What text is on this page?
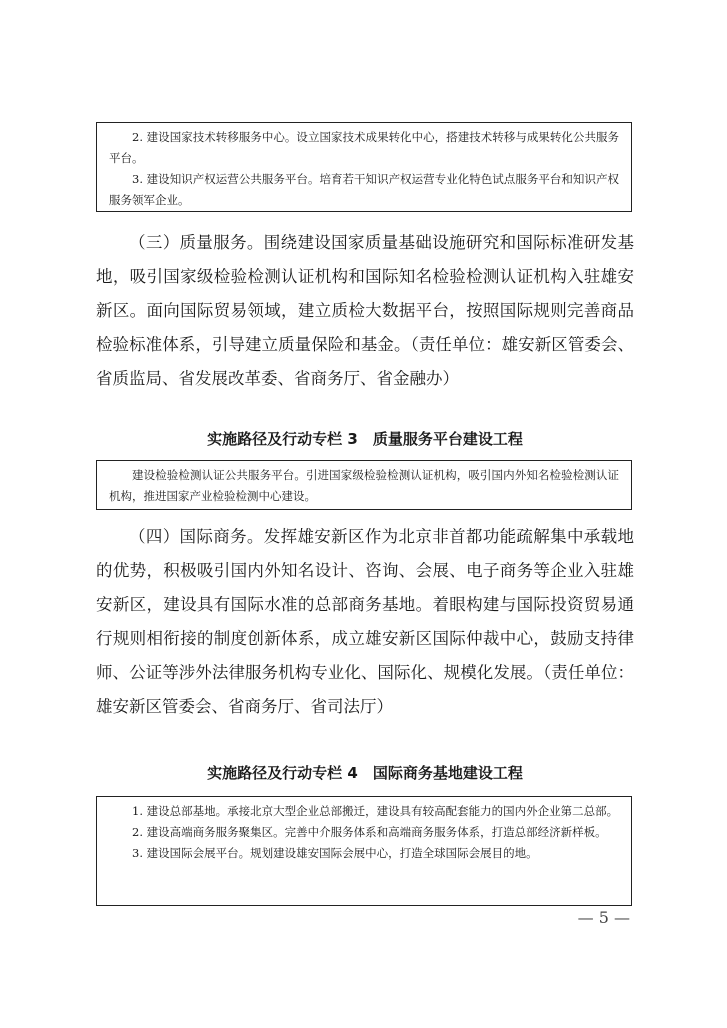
2. 建设国家技术转移服务中心。设立国家技术成果转化中心，搭建技术转移与成果转化公共服务平台。

3. 建设知识产权运营公共服务平台。培育若干知识产权运营专业化特色试点服务平台和知识产权服务领军企业。

（三）质量服务。围绕建设国家质量基础设施研究和国际标准研发基地，吸引国家级检验检测认证机构和国际知名检验检测认证机构入驻雄安新区。面向国际贸易领域，建立质检大数据平台，按照国际规则完善商品检验标准体系，引导建立质量保险和基金。（责任单位：雄安新区管委会、省质监局、省发展改革委、省商务厅、省金融办）
实施路径及行动专栏 3　质量服务平台建设工程

建设检验检测认证公共服务平台。引进国家级检验检测认证机构，吸引国内外知名检验检测认证机构，推进国家产业检验检测中心建设。

（四）国际商务。发挥雄安新区作为北京非首都功能疏解集中承载地的优势，积极吸引国内外知名设计、咨询、会展、电子商务等企业入驻雄安新区，建设具有国际水准的总部商务基地。着眼构建与国际投资贸易通行规则相衔接的制度创新体系，成立雄安新区国际仲裁中心，鼓励支持律师、公证等涉外法律服务机构专业化、国际化、规模化发展。（责任单位：雄安新区管委会、省商务厅、省司法厅）
实施路径及行动专栏 4　国际商务基地建设工程

1. 建设总部基地。承接北京大型企业总部搬迁，建设具有较高配套能力的国内外企业第二总部。

2. 建设高端商务服务聚集区。完善中介服务体系和高端商务服务体系，打造总部经济新样板。

3. 建设国际会展平台。规划建设雄安国际会展中心，打造全球国际会展目的地。

— 5 —
